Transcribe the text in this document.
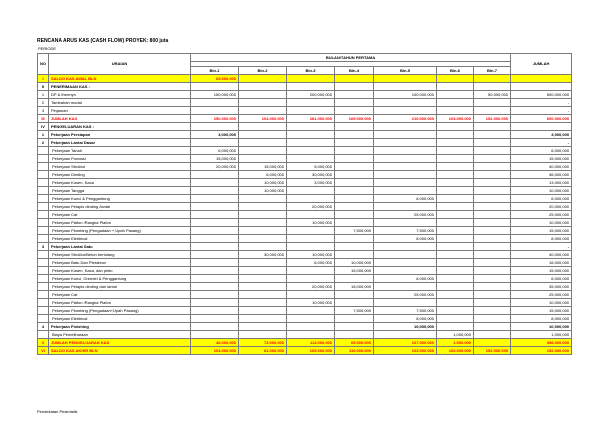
RENCANA ARUS KAS (CASH FLOW) PROYEK: 800 juta
PERIODE
NO	URAIAN	BULAN/TAHUN PERTAMA							JUMLAH

		Bln-1	Bln-2	Bln-3	Bln-4	Bln-5	Bln-6	Bln-7	
I	SALDO KAS AWAL BLN	65.000.000							
II	PENERIMAAN KAS :								
1	DP & thermyn	150,000,000		200,000,000		100,000,000		50,000,000	500,000,000
2	Tambahan modal								-
3	Pinjaman								-
III	JUMLAH KAS	250.000.000	104.000.000	281.000.000	165.000.000	210.000.000	103.000.000	152.000.000	600.000.000
IV	PENGELUARAN KAS :								
1	Pekerjaan Persiapan	3,000,000							3,000,000
2	Pekerjaan Lantai Dasar								-
	Pekerjaan Tanah	6,000,000							6,000,000
	Pekerjaan Pondasi	15,000,000							15,000,000
	Pekerjaan Struktur	20,000,000	15,000,000	5,000,000					40,000,000
	Pekerjaan Dinding		6,000,000	30,000,000					36,000,000
	Pekerjaan Kusen, Kaca		10,000,000	3,000,000					13,000,000
	Pekerjaan Tangga		10,000,000						10,000,000
	Pekerjaan Kunci & Penggantung					6,000,000			6,000,000
	Pekerjaan Pelapis dinding /lantai			20,000,000					20,000,000
	Pekerjaan Cat					25,000,000			25,000,000
	Pekerjaan Plafon /Rangka Plafon			10,000,000					10,000,000
	Pekerjaan Plumbing (Pengadaan + Upah Pasang)				7,500,000	7,500,000			15,000,000
	Pekerjaan Elektrical					8,000,000			8,000,000
3	Pekerjaan Lantai Satu								-
	Pekerjaan Struktur/Beton bertulang		30,000,000	10,000,000					40,000,000
	Pekerjaan Batu Dan Plesteran			6,000,000	10,000,000				16,000,000
	Pekerjaan Kusen, Kaca, dan pintu				15,000,000				15,000,000
	Pekerjaan Kunci, Grendel & Penggantung					6,000,000			6,000,000
	Pekerjaan Pelapis dinding dan lantai			20,000,000	15,000,000				35,000,000
	Pekerjaan Cat					25,000,000			25,000,000
	Pekerjaan Plafon /Rangka Plafon			10,000,000					10,000,000
	Pekerjaan Plumbing (Pengadaan+Upah Pasang)				7,500,000	7,500,000			15,000,000
	Pekerjaan Elektrical					8,000,000			8,000,000
4	Pekerjaan Finishing					10,000,000			10,000,000
	Biaya Pemeliharaan						1,000,000		1,000,000
V	JUMLAH PENGELUARAN KAS	46.000.000	73.000.000	114.000.000	65.000.000	107.000.000	1.000.000		398.000.000
VI	SALDO KAS AKHIR BLN	104.000.000	81.000.000	165.000.000	110.000.000	103.000.000	102.000.000	152.000.000	152.000.000
Pendekatan Pesimistik
